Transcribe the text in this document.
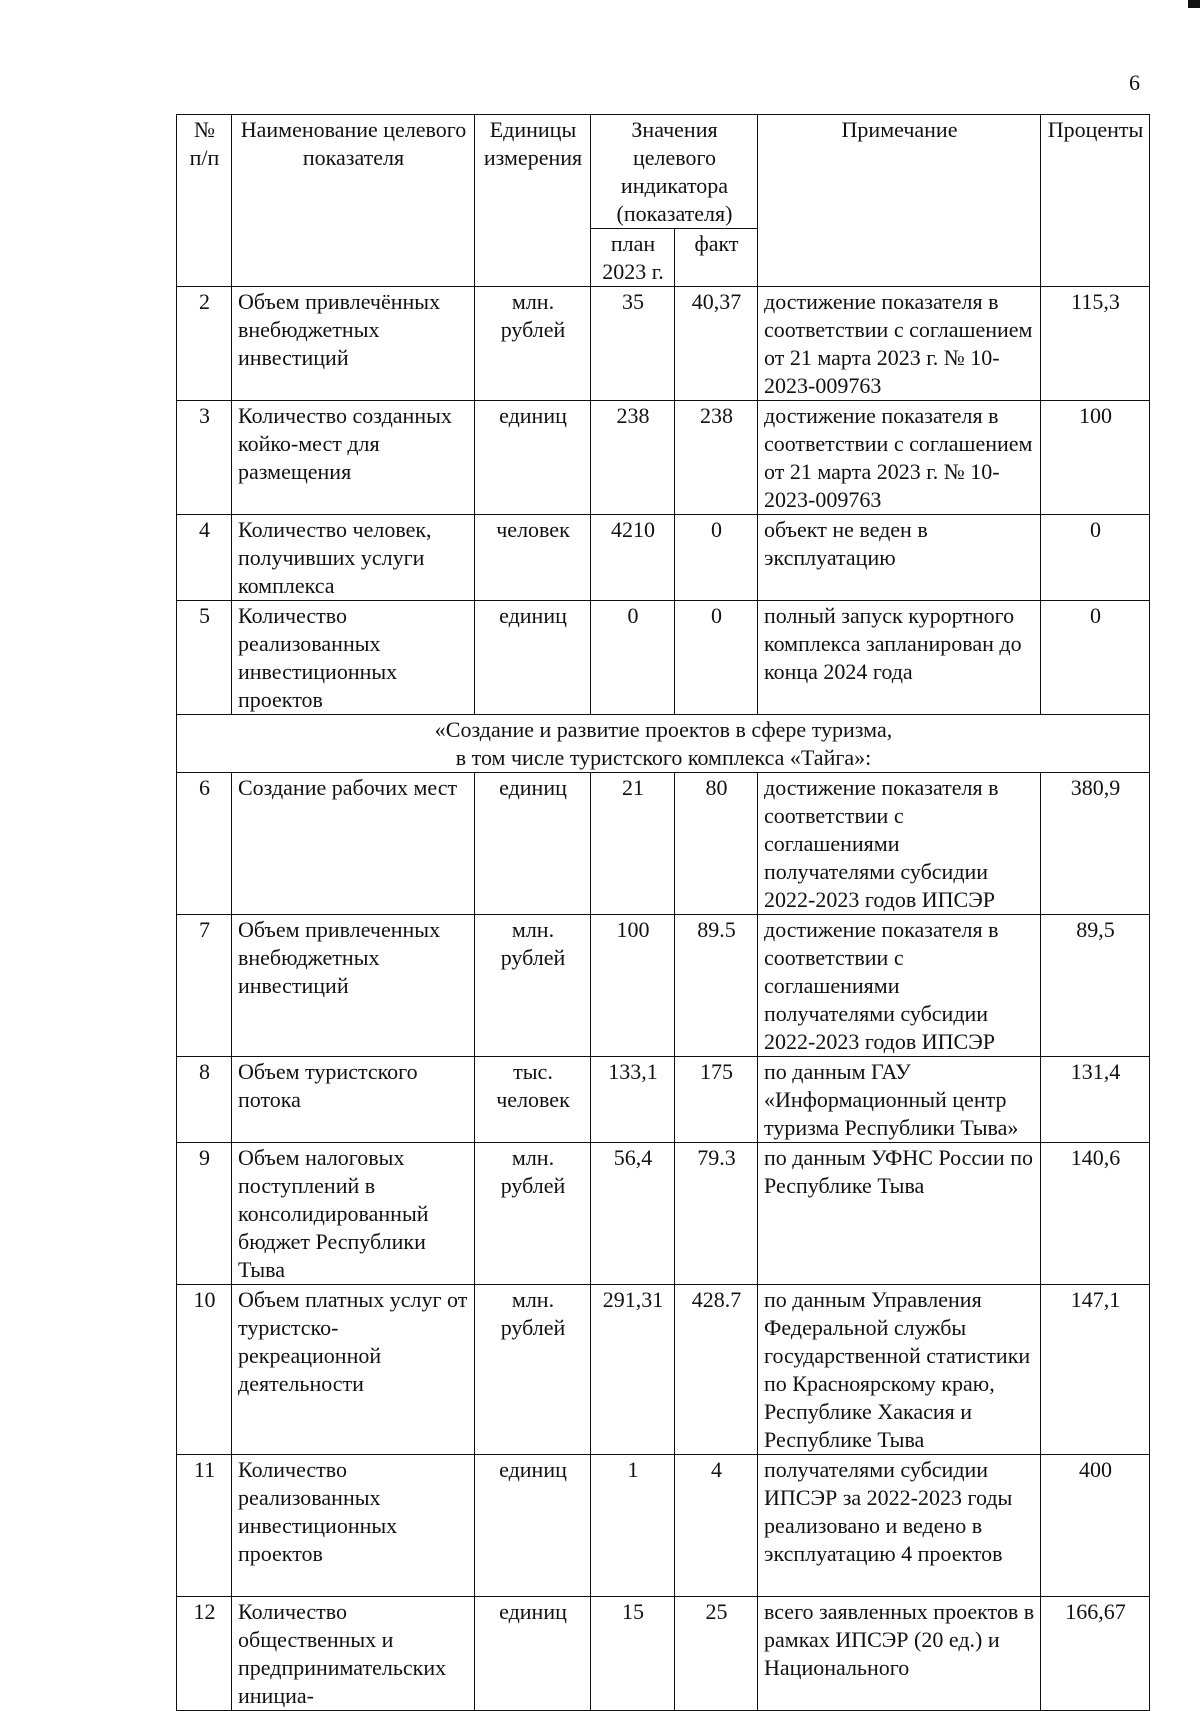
6
№ п/п	Наименование целевого показателя	Единицы измерения	Значения целевого индикатора (показателя)		Примечание	Проценты
			план 2023 г.	факт		
2	Объем привлечённых внебюджетных инвестиций	млн. рублей	35	40,37	достижение показателя в соответствии с соглашением от 21 марта 2023 г. № 10-2023-009763	115,3
3	Количество созданных койко-мест для размещения	единиц	238	238	достижение показателя в соответствии с соглашением от 21 марта 2023 г. № 10-2023-009763	100
4	Количество человек, получивших услуги комплекса	человек	4210	0	объект не веден в эксплуатацию	0
5	Количество реализованных инвестиционных проектов	единиц	0	0	полный запуск курортного комплекса запланирован до конца 2024 года	0

«Создание и развитие проектов в сфере туризма,
в том числе туристского комплекса «Тайга»:						

6	Создание рабочих мест	единиц	21	80	достижение показателя в соответствии с соглашениями получателями субсидии 2022-2023 годов ИПСЭР	380,9
7	Объем привлеченных внебюджетных инвестиций	млн. рублей	100	89.5	достижение показателя в соответствии с соглашениями получателями субсидии 2022-2023 годов ИПСЭР	89,5
8	Объем туристского потока	тыс. человек	133,1	175	по данным ГАУ «Информационный центр туризма Республики Тыва»	131,4
9	Объем налоговых поступлений в консолидированный бюджет Республики Тыва	млн. рублей	56,4	79.3	по данным УФНС России по Республике Тыва	140,6
10	Объем платных услуг от туристско-рекреационной деятельности	млн. рублей	291,31	428.7	по данным Управления Федеральной службы государственной статистики по Красноярскому краю, Республике Хакасия и Республике Тыва	147,1
11	Количество реализованных инвестиционных проектов	единиц	1	4	получателями субсидии ИПСЭР за 2022-2023 годы реализовано и ведено в эксплуатацию 4 проектов	400
12	Количество общественных и предпринимательских инициа-	единиц	15	25	всего заявленных проектов в рамках ИПСЭР (20 ед.) и Национального	166,67
